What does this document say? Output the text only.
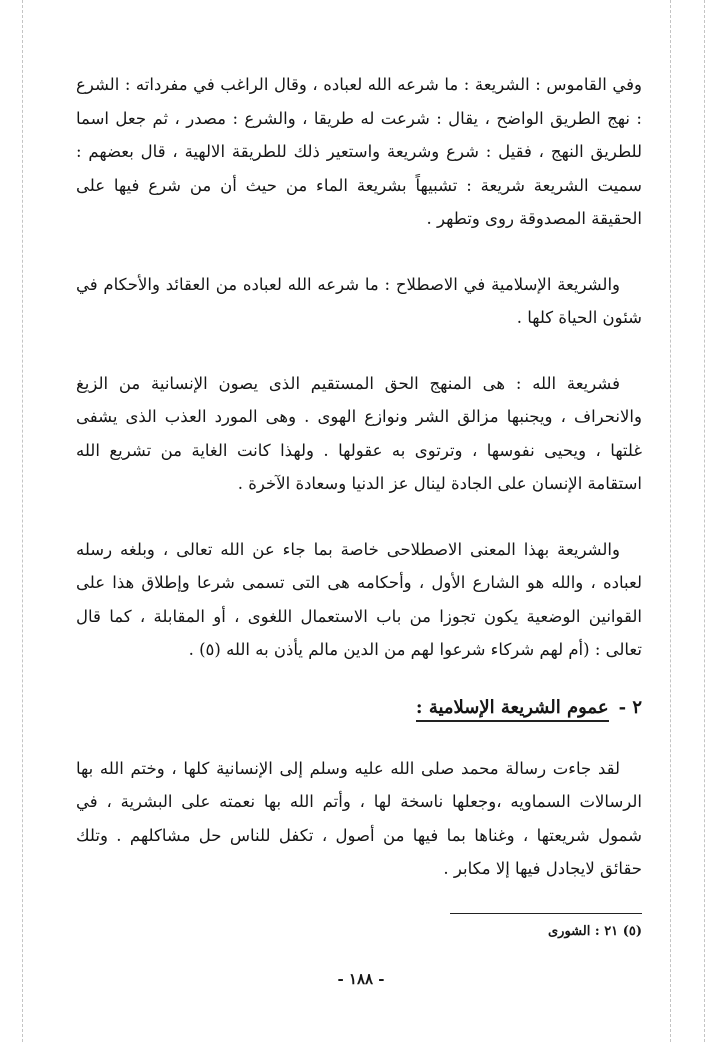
وفي القاموس : الشريعة : ما شرعه الله لعباده ، وقال الراغب في مفرداته : الشرع : نهج الطريق الواضح ، يقال : شرعت له طريقا ، والشرع : مصدر ، ثم جعل اسما للطريق النهج ، فقيل : شرع وشريعة واستعير ذلك للطريقة الالهية ، قال بعضهم : سميت الشريعة شريعة : تشبيهاً بشريعة الماء من حيث أن من شرع فيها على الحقيقة المصدوقة روى وتطهر .

والشريعة الإسلامية في الاصطلاح : ما شرعه الله لعباده من العقائد والأحكام في شئون الحياة كلها .

فشريعة الله : هى المنهج الحق المستقيم الذى يصون الإنسانية من الزيغ والانحراف ، ويجنبها مزالق الشر ونوازع الهوى . وهى المورد العذب الذى يشفى غلتها ، ويحيى نفوسها ، وترتوى به عقولها . ولهذا كانت الغاية من تشريع الله استقامة الإنسان على الجادة لينال عز الدنيا وسعادة الآخرة .

والشريعة بهذا المعنى الاصطلاحى خاصة بما جاء عن الله تعالى ، وبلغه رسله لعباده ، والله هو الشارع الأول ، وأحكامه هى التى تسمى شرعا وإطلاق هذا على القوانين الوضعية يكون تجوزا من باب الاستعمال اللغوى ، أو المقابلة ، كما قال تعالى : (أم لهم شركاء شرعوا لهم من الدين مالم يأذن به الله (٥) .

٢ -
عموم الشريعة الإسلامية :

لقد جاءت رسالة محمد صلى الله عليه وسلم إلى الإنسانية كلها ، وختم الله بها الرسالات السماويه ،وجعلها ناسخة لها ، وأتم الله بها نعمته على البشرية ، في شمول شريعتها ، وغناها بما فيها من أصول ، تكفل للناس حل مشاكلهم . وتلك حقائق لايجادل فيها إلا مكابر .

(٥) ٢١ : الشورى
- ١٨٨ -
